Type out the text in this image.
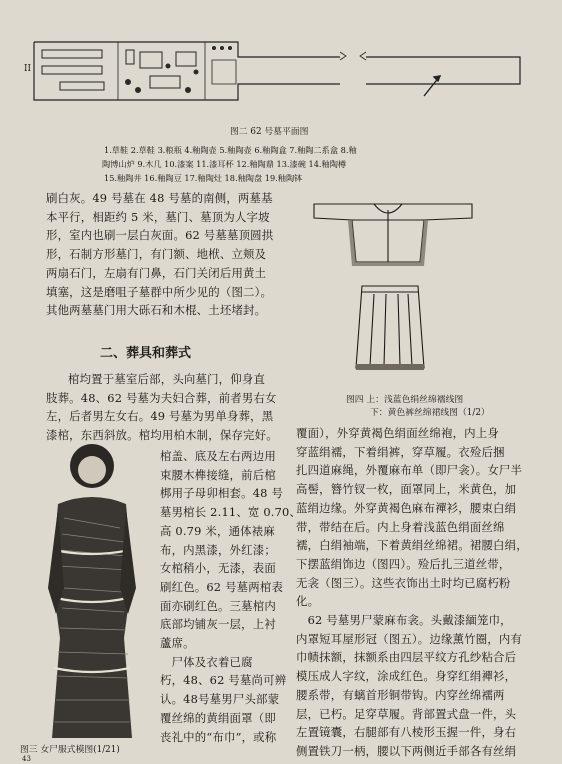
II
图二 62 号墓平面图
1.草鞋 2.草鞋 3.粮瓶 4.釉陶壶 5.釉陶壶 6.釉陶盒 7.釉陶二系盒 8.釉
陶博山炉 9.木几 10.漆案 11.漆耳杯 12.釉陶鼎 13.漆碗 14.釉陶樽
15.釉陶井 16.釉陶豆 17.釉陶灶 18.釉陶盘 19.釉陶钵
刷白灰。49 号墓在 48 号墓的南侧，两墓基
本平行，相距约 5 米，墓门、墓顶为人字坡
形，室内也刷一层白灰面。62 号墓墓顶圆拱
形，石制方形墓门，有门额、地栿、立颊及
两扇石门，左扇有门鼻，石门关闭后用黄土
填塞，这是磨咀子墓群中所少见的（图二）。
其他两墓墓门用大砾石和木棍、土坯堵封。
二、葬具和葬式
棺均置于墓室后部，头向墓门，仰身直
肢葬。48、62 号墓为夫妇合葬，前者男右女
左，后者男左女右。49 号墓为男单身葬，黑
漆棺，东西斜放。棺均用柏木制，保存完好。
棺盖、底及左右两边用
束腰木榫接缝，前后棺
梆用子母卯相套。48 号
墓男棺长 2.11、宽 0.70、
高 0.79 米，通体裱麻
布，内黑漆，外红漆；
女棺稍小，无漆，表面
刷红色。62 号墓两棺表
面亦刷红色。三墓棺内
底部均铺灰一层，上衬
蘆席。
　尸体及衣着已腐
朽，48、62 号墓尚可辨
认。48号墓男尸头部蒙
覆丝绵的黄绢面罩（即
丧礼中的“布巾”，或称
图三 女尸服式模图(1/21)
图四 上：浅蓝色绢丝绵襦线图
下：黄色裤丝绵裙线图（1/2）
覆面），外穿黄褐色绢面丝绵袍，内上身
穿蓝绢襦，下着绢裤，穿草履。衣殓后捆
扎四道麻绳，外覆麻布单（即尸衾）。女尸半
高髻，簪竹钗一枚，面罩同上，米黄色，加
蓝绢边缘。外穿黄褐色麻布襌衫，腰束白绢
带，带结在后。内上身着浅蓝色绢面丝绵
襦，白绢袖端，下着黄绢丝绵裙。裙腰白绢，
下摆蓝绢饰边（图四）。殓后扎三道丝带，
无衾（图三）。这些衣饰出土时均已腐朽粉
化。
　62 号墓男尸蒙麻布衾。头戴漆緬笼巾，
内罩短耳屋形冠（图五）。边缘薰竹圈，内有
巾帻抹额，抹额系由四层平纹方孔纱粘合后
模压成人字纹，涂成红色。身穿红绢襌衫，
腰系带，有螭首形铜带钩。内穿丝绵襦两
层，已朽。足穿草履。背部置式盘一件，头
左置镜囊，右腿部有八棱形玉握一件，身右
侧置铁刀一柄，腰以下两侧近手部各有丝绢
43
